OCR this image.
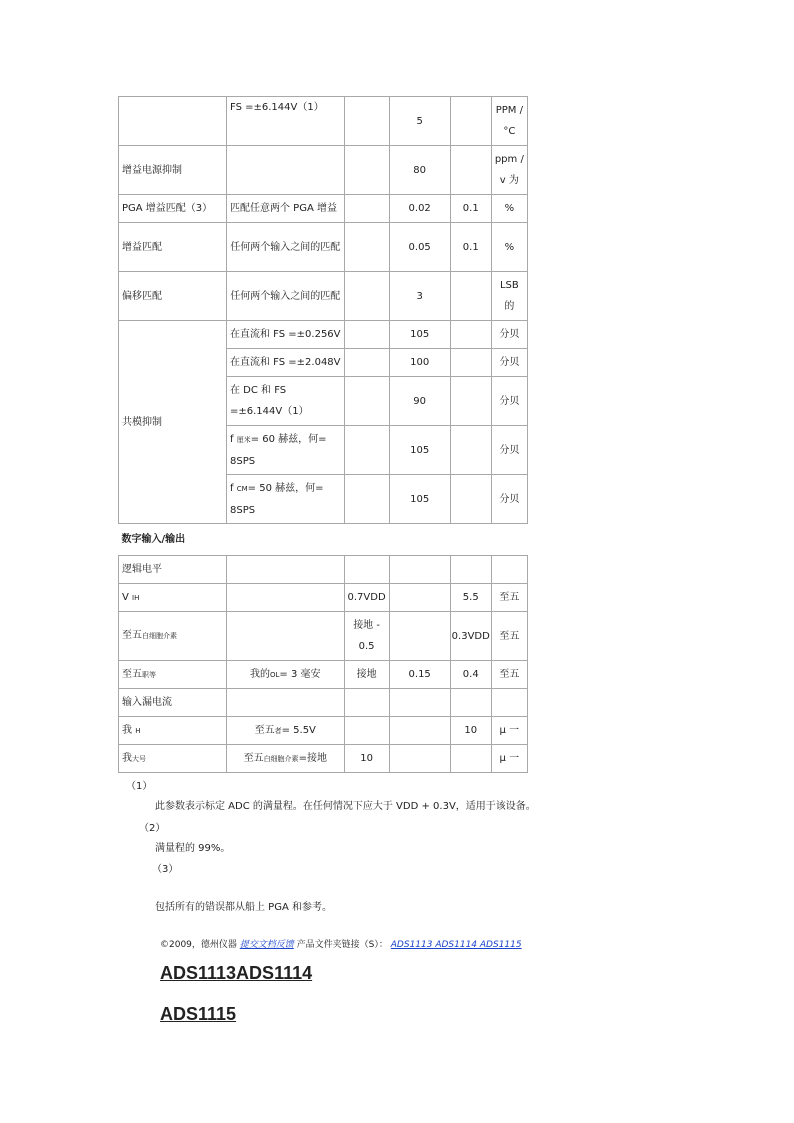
	FS =±6.144V（1）		5		PPM /°C
增益电源抑制			80		ppm / v 为
PGA 增益匹配（3）	匹配任意两个 PGA 增益		0.02	0.1	%
增益匹配	任何两个输入之间的匹配		0.05	0.1	%
偏移匹配	任何两个输入之间的匹配		3		LSB 的
共模抑制	在直流和 FS =±0.256V		105		分贝
	在直流和 FS =±2.048V		100		分贝
	在 DC 和 FS =±6.144V（1）		90		分贝
	f 厘米= 60 赫兹，何= 8SPS		105		分贝
	f CM= 50 赫兹，何= 8SPS		105		分贝
数字输入/输出					
逻辑电平					
V IH		0.7VDD		5.5	至五
至五白细胞介素		接地 - 0.5		0.3VDD	至五
至五职等	我的OL= 3 毫安	接地	0.15	0.4	至五
输入漏电流					
我 H	至五者= 5.5V			10	μ 一
我大号	至五白细胞介素=接地	10			μ 一
（1）
此参数表示标定 ADC 的满量程。在任何情况下应大于 VDD + 0.3V，适用于该设备。
（2）
满量程的 99%。
（3）
包括所有的错误都从船上 PGA 和参考。
©2009，德州仪器 提交文档反馈 产品文件夹链接（S）： ADS1113 ADS1114 ADS1115
ADS1113ADS1114
ADS1115
